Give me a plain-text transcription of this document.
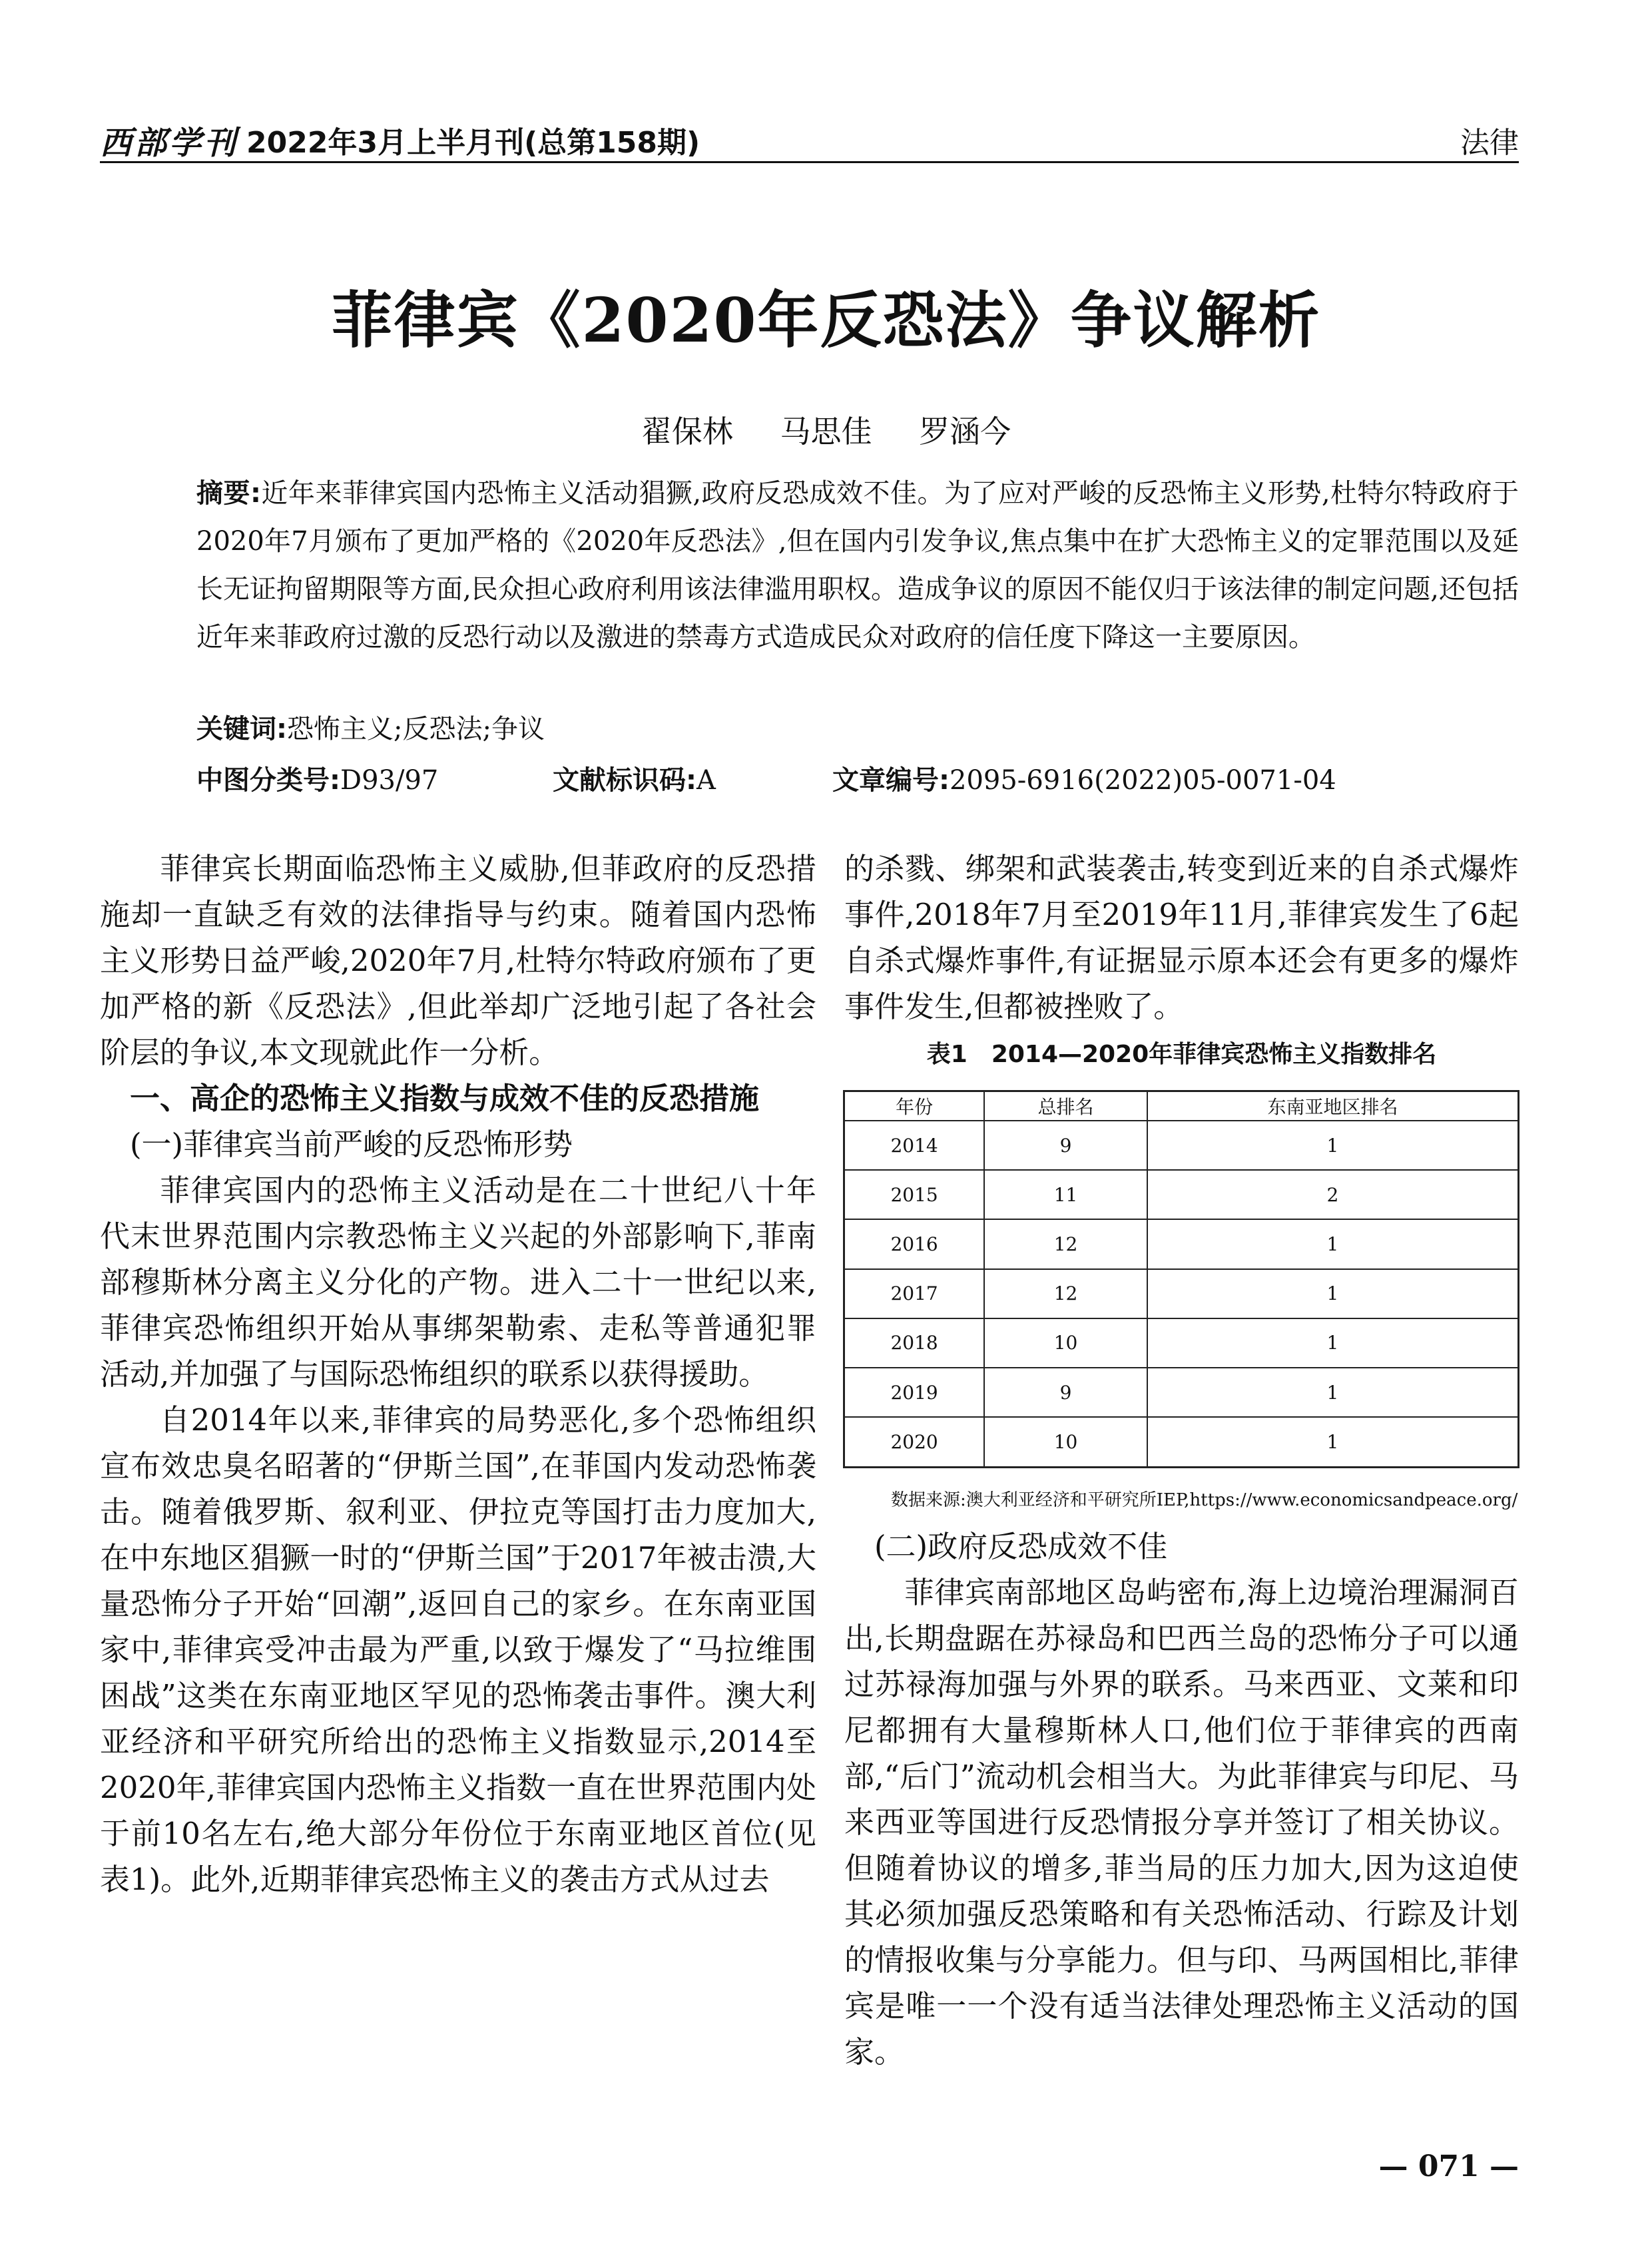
西部学刊 2022年3月上半月刊(总第158期)	法律
菲律宾《2020年反恐法》争议解析
翟保林 马思佳 罗涵今
摘要:近年来菲律宾国内恐怖主义活动猖獗,政府反恐成效不佳。为了应对严峻的反恐怖主义形势,杜特尔特政府于2020年7月颁布了更加严格的《2020年反恐法》,但在国内引发争议,焦点集中在扩大恐怖主义的定罪范围以及延长无证拘留期限等方面,民众担心政府利用该法律滥用职权。造成争议的原因不能仅归于该法律的制定问题,还包括近年来菲政府过激的反恐行动以及激进的禁毒方式造成民众对政府的信任度下降这一主要原因。
关键词:恐怖主义;反恐法;争议
中图分类号:D93/97	文献标识码:A	文章编号:2095-6916(2022)05-0071-04

菲律宾长期面临恐怖主义威胁,但菲政府的反恐措施却一直缺乏有效的法律指导与约束。随着国内恐怖主义形势日益严峻,2020年7月,杜特尔特政府颁布了更加严格的新《反恐法》,但此举却广泛地引起了各社会阶层的争议,本文现就此作一分析。

一、高企的恐怖主义指数与成效不佳的反恐措施

(一)菲律宾当前严峻的反恐怖形势

菲律宾国内的恐怖主义活动是在二十世纪八十年代末世界范围内宗教恐怖主义兴起的外部影响下,菲南部穆斯林分离主义分化的产物。进入二十一世纪以来,菲律宾恐怖组织开始从事绑架勒索、走私等普通犯罪活动,并加强了与国际恐怖组织的联系以获得援助。

自2014年以来,菲律宾的局势恶化,多个恐怖组织宣布效忠臭名昭著的“伊斯兰国”,在菲国内发动恐怖袭击。随着俄罗斯、叙利亚、伊拉克等国打击力度加大,在中东地区猖獗一时的“伊斯兰国”于2017年被击溃,大量恐怖分子开始“回潮”,返回自己的家乡。在东南亚国家中,菲律宾受冲击最为严重,以致于爆发了“马拉维围困战”这类在东南亚地区罕见的恐怖袭击事件。澳大利亚经济和平研究所给出的恐怖主义指数显示,2014至2020年,菲律宾国内恐怖主义指数一直在世界范围内处于前10名左右,绝大部分年份位于东南亚地区首位(见表1)。此外,近期菲律宾恐怖主义的袭击方式从过去

的杀戮、绑架和武装袭击,转变到近来的自杀式爆炸事件,2018年7月至2019年11月,菲律宾发生了6起自杀式爆炸事件,有证据显示原本还会有更多的爆炸事件发生,但都被挫败了。

表1　2014—2020年菲律宾恐怖主义指数排名
年份	总排名	东南亚地区排名
2014	9	1
2015	11	2
2016	12	1
2017	12	1
2018	10	1
2019	9	1
2020	10	1
数据来源:澳大利亚经济和平研究所IEP,https://www.economicsandpeace.org/

(二)政府反恐成效不佳

菲律宾南部地区岛屿密布,海上边境治理漏洞百出,长期盘踞在苏禄岛和巴西兰岛的恐怖分子可以通过苏禄海加强与外界的联系。马来西亚、文莱和印尼都拥有大量穆斯林人口,他们位于菲律宾的西南部,“后门”流动机会相当大。为此菲律宾与印尼、马来西亚等国进行反恐情报分享并签订了相关协议。但随着协议的增多,菲当局的压力加大,因为这迫使其必须加强反恐策略和有关恐怖活动、行踪及计划的情报收集与分享能力。但与印、马两国相比,菲律宾是唯一一个没有适当法律处理恐怖主义活动的国家。

— 071 —
